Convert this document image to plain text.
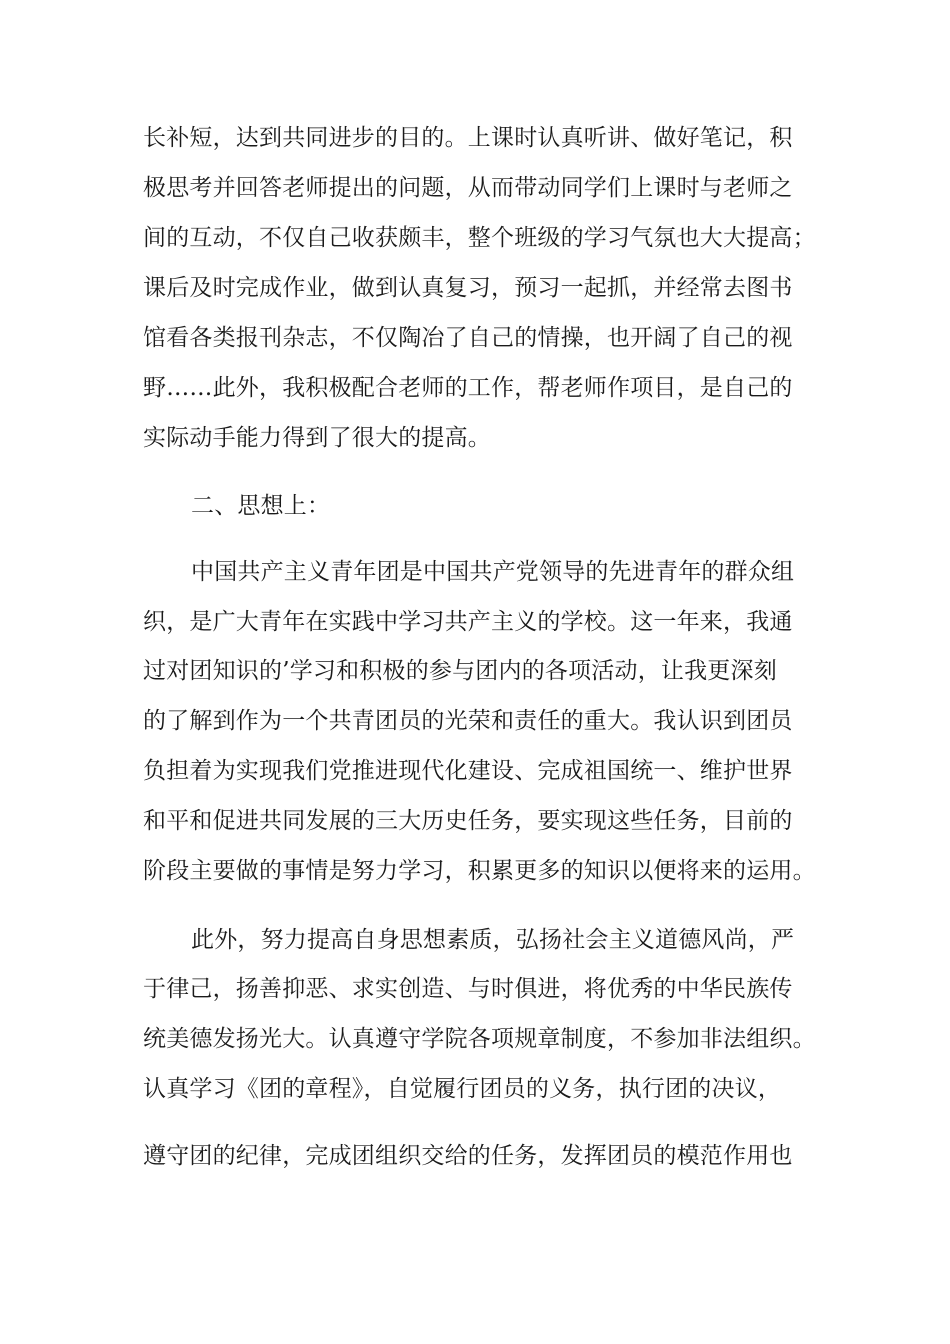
长补短，达到共同进步的目的。上课时认真听讲、做好笔记，积
极思考并回答老师提出的问题，从而带动同学们上课时与老师之
间的互动，不仅自己收获颇丰，整个班级的学习气氛也大大提高；
课后及时完成作业，做到认真复习，预习一起抓，并经常去图书
馆看各类报刊杂志，不仅陶冶了自己的情操，也开阔了自己的视
野……此外，我积极配合老师的工作，帮老师作项目，是自己的
实际动手能力得到了很大的提高。
二、思想上：
中国共产主义青年团是中国共产党领导的先进青年的群众组
织，是广大青年在实践中学习共产主义的学校。这一年来，我通
过对团知识的’学习和积极的参与团内的各项活动，让我更深刻
的了解到作为一个共青团员的光荣和责任的重大。我认识到团员
负担着为实现我们党推进现代化建设、完成祖国统一、维护世界
和平和促进共同发展的三大历史任务，要实现这些任务，目前的
阶段主要做的事情是努力学习，积累更多的知识以便将来的运用。
此外，努力提高自身思想素质，弘扬社会主义道德风尚，严
于律己，扬善抑恶、求实创造、与时俱进，将优秀的中华民族传
统美德发扬光大。认真遵守学院各项规章制度，不参加非法组织。
认真学习《团的章程》，自觉履行团员的义务，执行团的决议，
遵守团的纪律，完成团组织交给的任务，发挥团员的模范作用也
